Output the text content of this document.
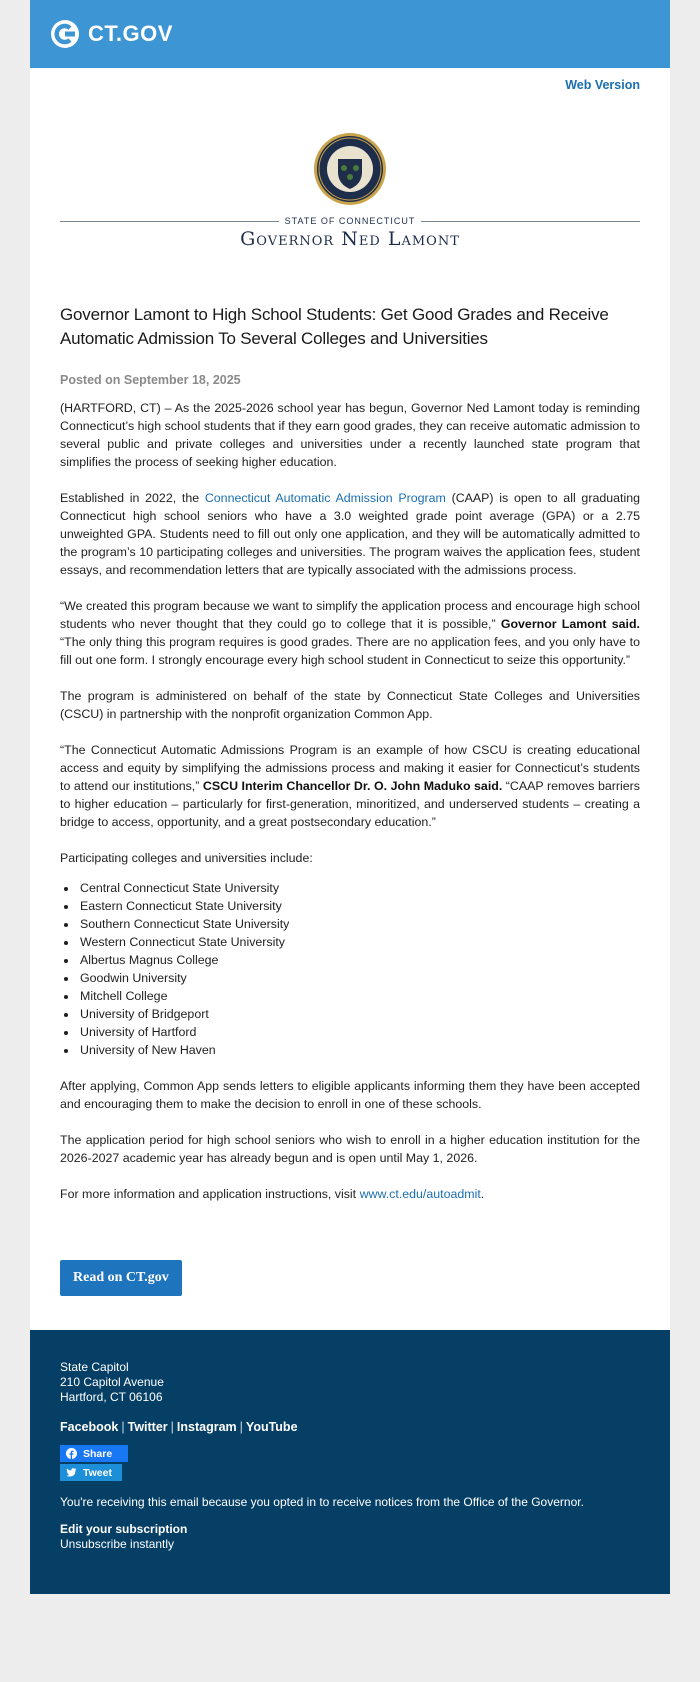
CT.GOV
Web Version
STATE OF CONNECTICUT
Governor Ned Lamont
Governor Lamont to High School Students: Get Good Grades and Receive Automatic Admission To Several Colleges and Universities
Posted on September 18, 2025

(HARTFORD, CT) – As the 2025-2026 school year has begun, Governor Ned Lamont today is reminding Connecticut’s high school students that if they earn good grades, they can receive automatic admission to several public and private colleges and universities under a recently launched state program that simplifies the process of seeking higher education.

Established in 2022, the Connecticut Automatic Admission Program (CAAP) is open to all graduating Connecticut high school seniors who have a 3.0 weighted grade point average (GPA) or a 2.75 unweighted GPA. Students need to fill out only one application, and they will be automatically admitted to the program’s 10 participating colleges and universities. The program waives the application fees, student essays, and recommendation letters that are typically associated with the admissions process.

“We created this program because we want to simplify the application process and encourage high school students who never thought that they could go to college that it is possible,” Governor Lamont said. “The only thing this program requires is good grades. There are no application fees, and you only have to fill out one form. I strongly encourage every high school student in Connecticut to seize this opportunity.”

The program is administered on behalf of the state by Connecticut State Colleges and Universities (CSCU) in partnership with the nonprofit organization Common App.

“The Connecticut Automatic Admissions Program is an example of how CSCU is creating educational access and equity by simplifying the admissions process and making it easier for Connecticut’s students to attend our institutions,” CSCU Interim Chancellor Dr. O. John Maduko said. “CAAP removes barriers to higher education – particularly for first-generation, minoritized, and underserved students – creating a bridge to access, opportunity, and a great postsecondary education.”

Participating colleges and universities include:

• Central Connecticut State University
• Eastern Connecticut State University
• Southern Connecticut State University
• Western Connecticut State University
• Albertus Magnus College
• Goodwin University
• Mitchell College
• University of Bridgeport
• University of Hartford
• University of New Haven

After applying, Common App sends letters to eligible applicants informing them they have been accepted and encouraging them to make the decision to enroll in one of these schools.

The application period for high school seniors who wish to enroll in a higher education institution for the 2026-2027 academic year has already begun and is open until May 1, 2026.

For more information and application instructions, visit www.ct.edu/autoadmit.

Read on CT.gov
State Capitol
210 Capitol Avenue
Hartford, CT 06106
Facebook | Twitter | Instagram | YouTube
Share
Tweet
You're receiving this email because you opted in to receive notices from the Office of the Governor.
Edit your subscription
Unsubscribe instantly
